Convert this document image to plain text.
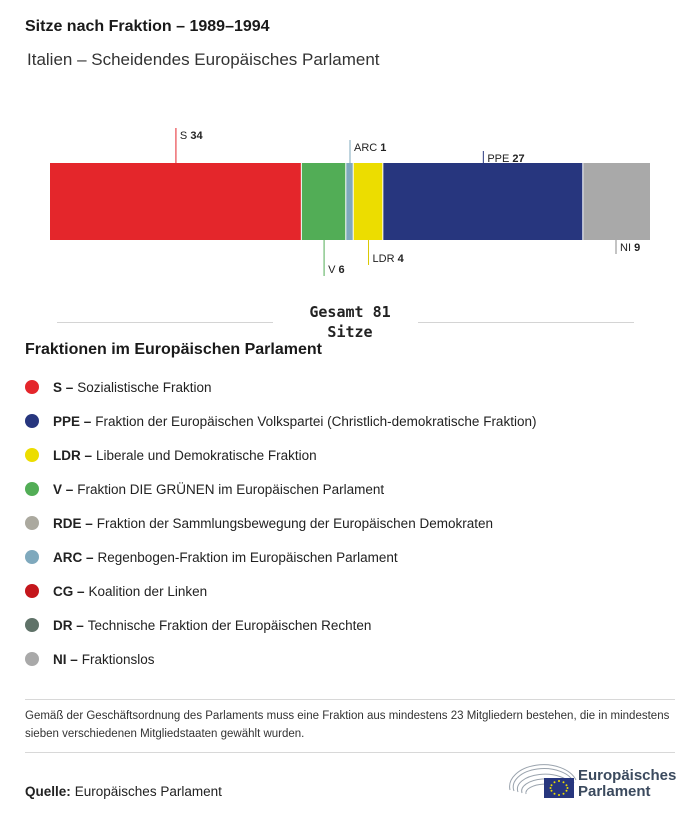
Sitze nach Fraktion – 1989–1994
Italien – Scheidendes Europäisches Parlament
S 34
V 6
ARC 1
LDR 4
PPE 27
NI 9
Gesamt 81
Sitze
Fraktionen im Europäischen Parlament
S – Sozialistische Fraktion
PPE – Fraktion der Europäischen Volkspartei (Christlich-demokratische Fraktion)
LDR – Liberale und Demokratische Fraktion
V – Fraktion DIE GRÜNEN im Europäischen Parlament
RDE – Fraktion der Sammlungsbewegung der Europäischen Demokraten
ARC – Regenbogen-Fraktion im Europäischen Parlament
CG – Koalition der Linken
DR – Technische Fraktion der Europäischen Rechten
NI – Fraktionslos
Gemäß der Geschäftsordnung des Parlaments muss eine Fraktion aus mindestens 23 Mitgliedern bestehen, die in mindestens sieben verschiedenen Mitgliedstaaten gewählt wurden.
Quelle: Europäisches Parlament
Europäisches
Parlament
